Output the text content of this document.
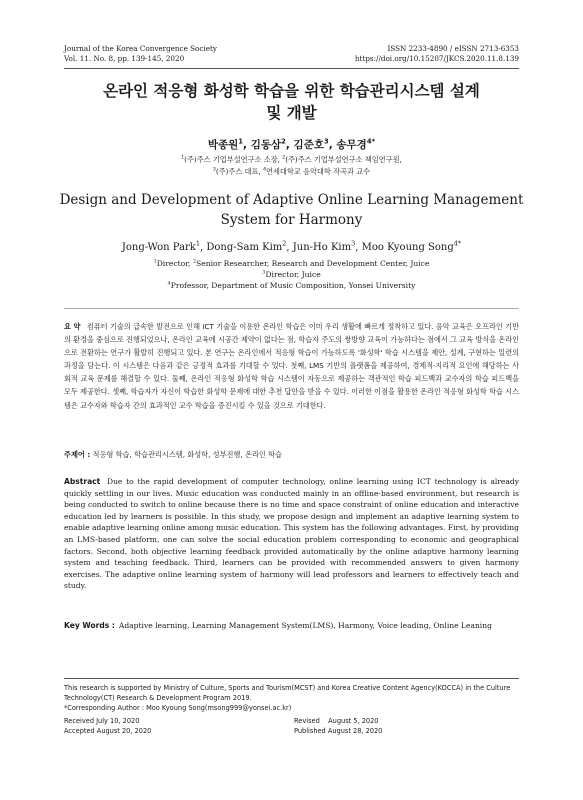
Journal of the Korea Convergence Society
Vol. 11. No. 8, pp. 139-145, 2020
ISSN 2233-4890 / eISSN 2713-6353
https://doi.org/10.15207/JKCS.2020.11.8.139
온라인 적응형 화성학 학습을 위한 학습관리시스템 설계
및 개발
박종원$^1$, 김동삼$^2$, 김준호$^3$, 송무경$^{4*}$
$^1$(주)주스 기업부설연구소 소장, $^2$(주)주스 기업부설연구소 책임연구원,
$^3$(주)주스 대표, $^4$연세대학교 음악대학 작곡과 교수
Design and Development of Adaptive Online Learning Management
System for Harmony
Jong-Won Park$^1$, Dong-Sam Kim$^2$, Jun-Ho Kim$^3$, Moo Kyoung Song$^{4*}$
$^1$Director, $^2$Senior Researcher, Research and Development Center, Juice
$^3$Director, Juice
$^4$Professor, Department of Music Composition, Yonsei University
요 약 컴퓨터 기술의 급속한 발전으로 인해 ICT 기술을 이용한 온라인 학습은 이미 우리 생활에 빠르게 정착하고 있다. 음악 교육은 오프라인 기반의 환경을 중심으로 진행되었으나, 온라인 교육에 시공간 제약이 없다는 점, 학습자 주도의 쌍방향 교육이 가능하다는 점에서 그 교육 방식을 온라인으로 전환하는 연구가 활발히 진행되고 있다. 본 연구는 온라인에서 적응형 학습이 가능하도록 '화성학' 학습 시스템을 제안, 설계, 구현하는 일련의 과정을 담는다. 이 시스템은 다음과 같은 긍정적 효과를 기대할 수 있다. 첫째, LMS 기반의 플랫폼을 제공하여, 경제적·지리적 요인에 해당하는 사회적 교육 문제를 해결할 수 있다. 둘째, 온라인 적응형 화성학 학습 시스템이 자동으로 제공하는 객관적인 학습 피드백과 교수자의 학습 피드백을 모두 제공한다. 셋째, 학습자가 자신이 학습한 화성학 문제에 대한 추천 답안을 받을 수 있다. 이러한 이점을 활용한 온라인 적응형 화성학 학습 시스템은 교수자와 학습자 간의 효과적인 교수 학습을 증진시킬 수 있을 것으로 기대한다.
주제어 : 적응형 학습, 학습관리시스템, 화성학, 성부진행, 온라인 학습
Abstract Due to the rapid development of computer technology, online learning using ICT technology is already quickly settling in our lives. Music education was conducted mainly in an offline-based environment, but research is being conducted to switch to online because there is no time and space constraint of online education and interactive education led by learners is possible. In this study, we propose design and implement an adaptive learning system to enable adaptive learning online among music education. This system has the following advantages. First, by providing an LMS-based platform, one can solve the social education problem corresponding to economic and geographical factors. Second, both objective learning feedback provided automatically by the online adaptive harmony learning system and teaching feedback. Third, learners can be provided with recommended answers to given harmony exercises. The adaptive online learning system of harmony will lead professors and learners to effectively teach and study.
Key Words : Adaptive learning, Learning Management System(LMS), Harmony, Voice leading, Online Leaning
This research is supported by Ministry of Culture, Sports and Tourism(MCST) and Korea Creative Content Agency(KOCCA) in the Culture Technology(CT) Research & Development Program 2019.
*Corresponding Author : Moo Kyoung Song(msong999@yonsei.ac.kr)
Received July 10, 2020	Revised    August 5, 2020
Accepted August 20, 2020	Published August 28, 2020
